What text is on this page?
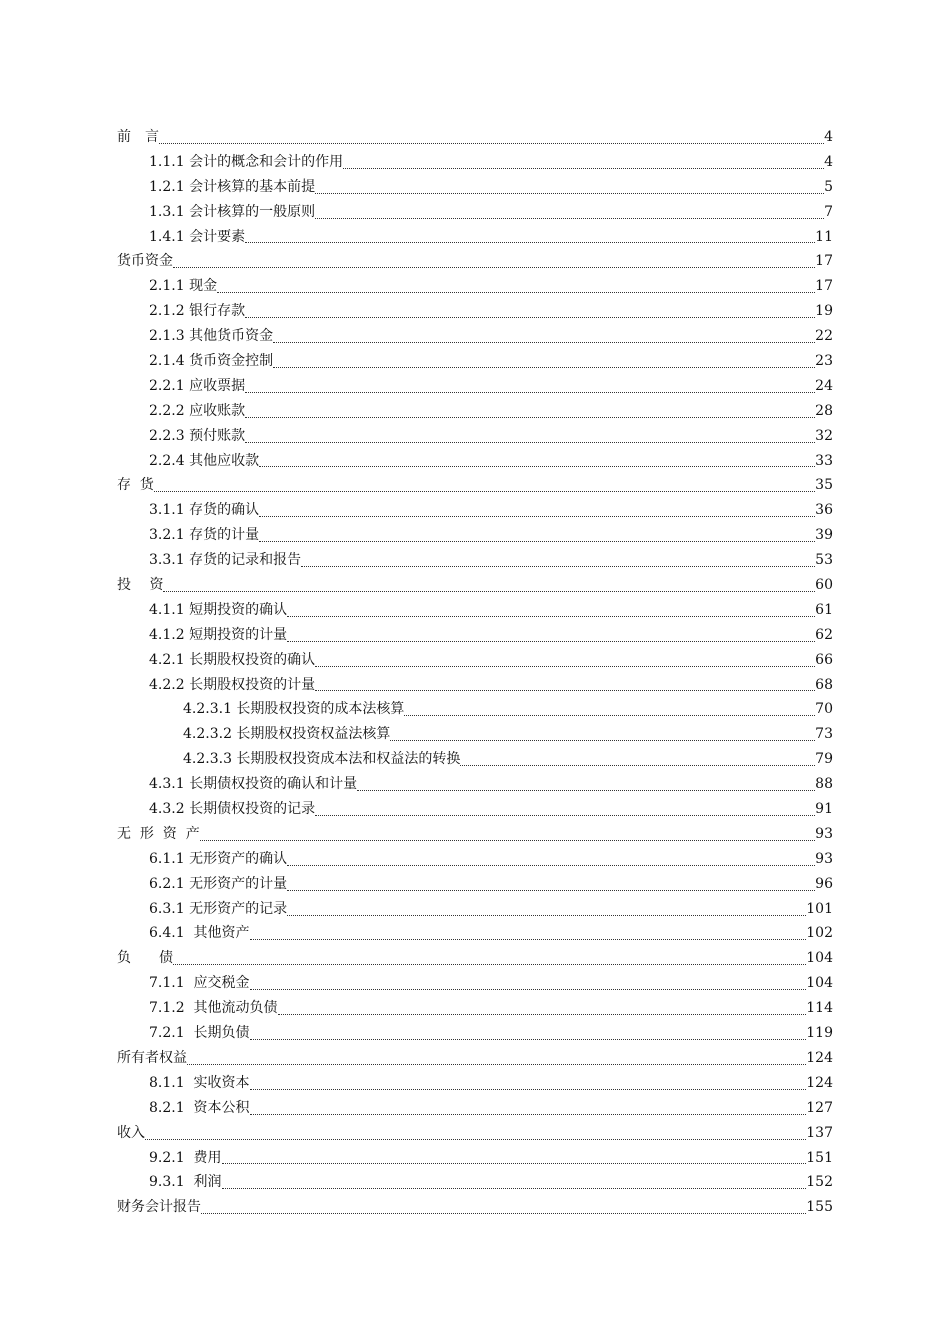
前　言	4
1.1.1 会计的概念和会计的作用	4
1.2.1 会计核算的基本前提	5
1.3.1 会计核算的一般原则	7
1.4.1 会计要素	11
货币资金	17
2.1.1 现金	17
2.1.2 银行存款	19
2.1.3 其他货币资金	22
2.1.4 货币资金控制	23
2.2.1 应收票据	24
2.2.2 应收账款	28
2.2.3 预付账款	32
2.2.4 其他应收款	33
存  货	35
3.1.1 存货的确认	36
3.2.1 存货的计量	39
3.3.1 存货的记录和报告	53
投　 资	60
4.1.1 短期投资的确认	61
4.1.2 短期投资的计量	62
4.2.1 长期股权投资的确认	66
4.2.2 长期股权投资的计量	68
4.2.3.1 长期股权投资的成本法核算	70
4.2.3.2 长期股权投资权益法核算	73
4.2.3.3 长期股权投资成本法和权益法的转换	79
4.3.1 长期债权投资的确认和计量	88
4.3.2 长期债权投资的记录	91
无  形  资  产	93
6.1.1 无形资产的确认	93
6.2.1 无形资产的计量	96
6.3.1 无形资产的记录	101
6.4.1  其他资产	102
负　　债	104
7.1.1  应交税金	104
7.1.2  其他流动负债	114
7.2.1  长期负债	119
所有者权益	124
8.1.1  实收资本	124
8.2.1  资本公积	127
收入	137
9.2.1  费用	151
9.3.1  利润	152
财务会计报告	155
